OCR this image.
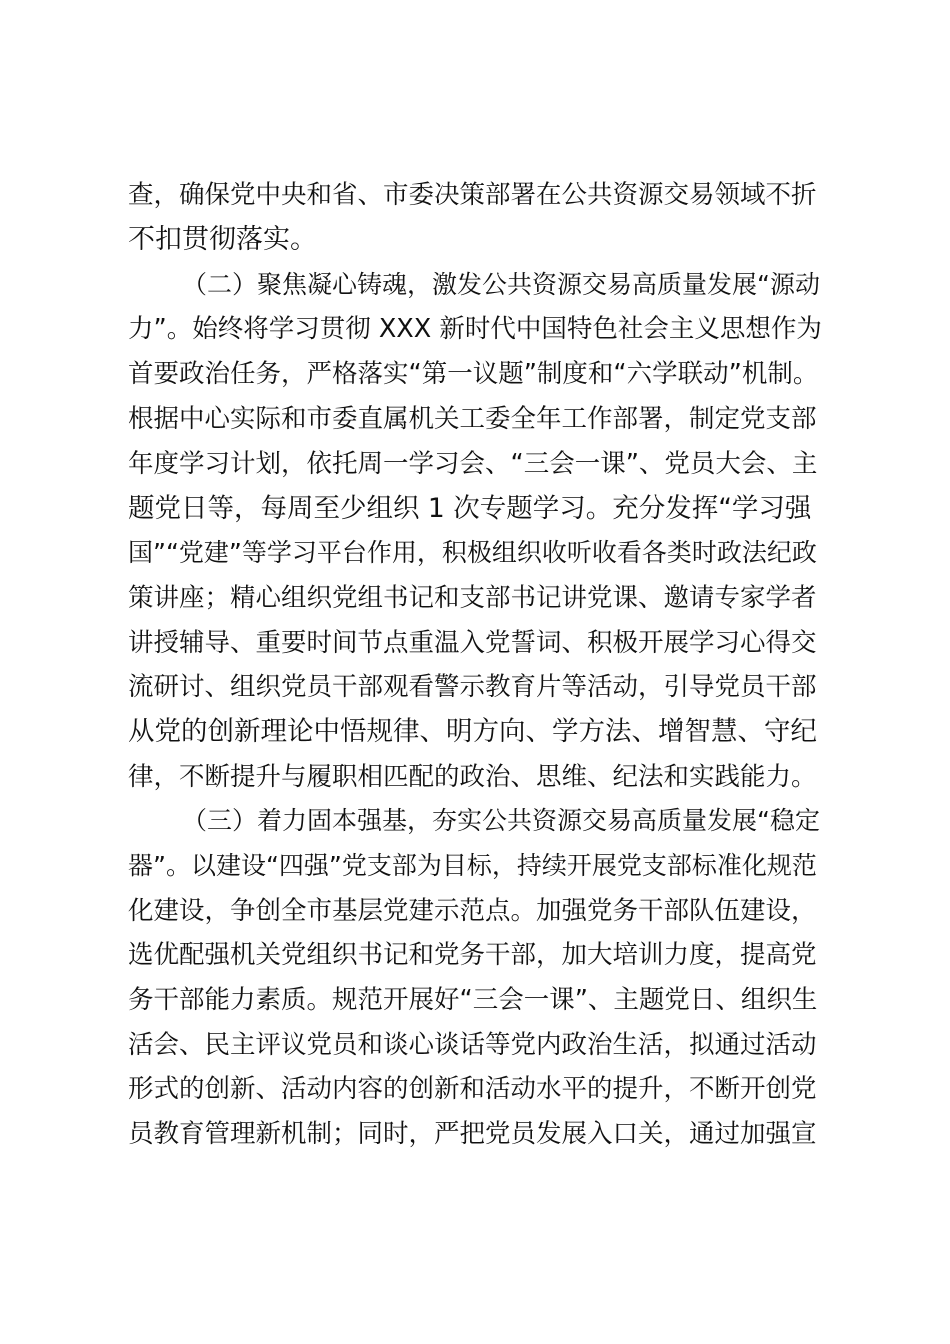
查，确保党中央和省、市委决策部署在公共资源交易领域不折
不扣贯彻落实。
（二）聚焦凝心铸魂，激发公共资源交易高质量发展“源动
力”。始终将学习贯彻 XXX 新时代中国特色社会主义思想作为
首要政治任务，严格落实“第一议题”制度和“六学联动”机制。
根据中心实际和市委直属机关工委全年工作部署，制定党支部
年度学习计划，依托周一学习会、“三会一课”、党员大会、主
题党日等，每周至少组织 1 次专题学习。充分发挥“学习强
国”“党建”等学习平台作用，积极组织收听收看各类时政法纪政
策讲座；精心组织党组书记和支部书记讲党课、邀请专家学者
讲授辅导、重要时间节点重温入党誓词、积极开展学习心得交
流研讨、组织党员干部观看警示教育片等活动，引导党员干部
从党的创新理论中悟规律、明方向、学方法、增智慧、守纪
律，不断提升与履职相匹配的政治、思维、纪法和实践能力。
（三）着力固本强基，夯实公共资源交易高质量发展“稳定
器”。以建设“四强”党支部为目标，持续开展党支部标准化规范
化建设，争创全市基层党建示范点。加强党务干部队伍建设，
选优配强机关党组织书记和党务干部，加大培训力度，提高党
务干部能力素质。规范开展好“三会一课”、主题党日、组织生
活会、民主评议党员和谈心谈话等党内政治生活，拟通过活动
形式的创新、活动内容的创新和活动水平的提升，不断开创党
员教育管理新机制；同时，严把党员发展入口关，通过加强宣
